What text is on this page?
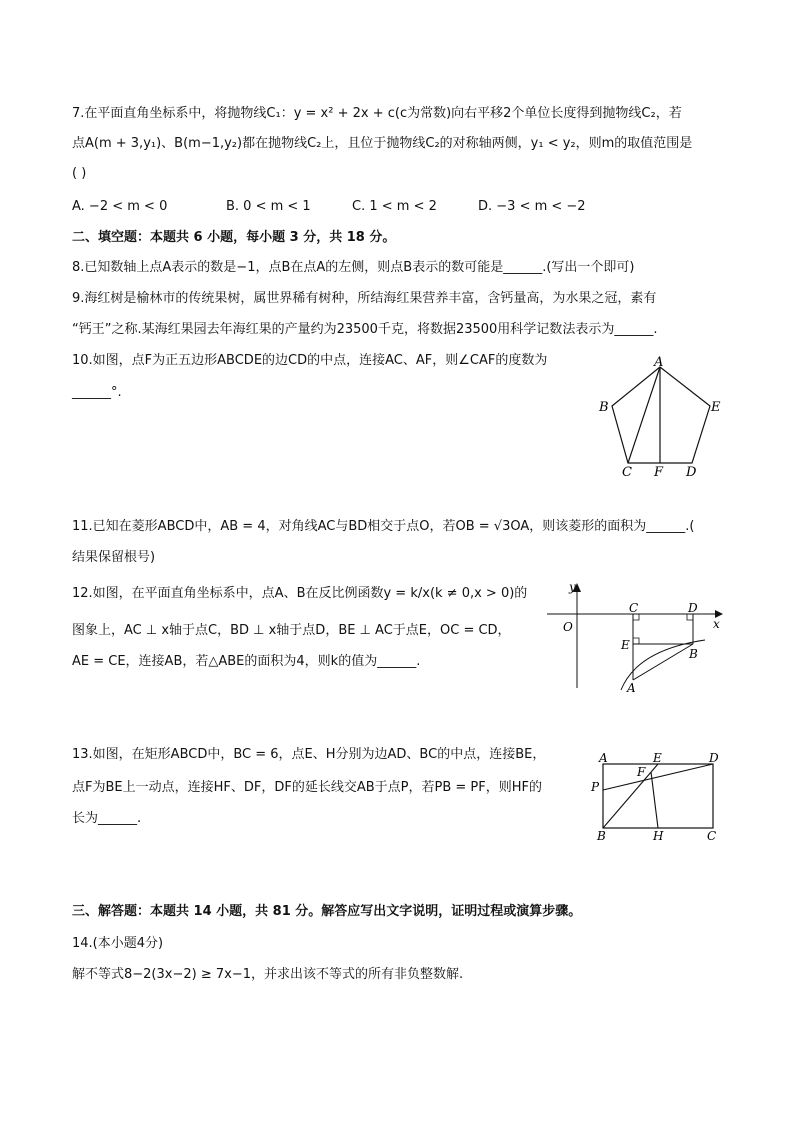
7.在平面直角坐标系中，将抛物线C₁：y = x² + 2x + c(c为常数)向右平移2个单位长度得到抛物线C₂，若
点A(m + 3,y₁)、B(m−1,y₂)都在抛物线C₂上，且位于抛物线C₂的对称轴两侧，y₁ < y₂，则m的取值范围是
( )
A. −2 < m < 0	B. 0 < m < 1	C. 1 < m < 2	D. −3 < m < −2
二、填空题：本题共 6 小题，每小题 3 分，共 18 分。
8.已知数轴上点A表示的数是−1，点B在点A的左侧，则点B表示的数可能是______.(写出一个即可)
9.海红树是榆林市的传统果树，属世界稀有树种，所结海红果营养丰富，含钙量高，为水果之冠，素有
“钙王”之称.某海红果园去年海红果的产量约为23500千克，将数据23500用科学记数法表示为______.
10.如图，点F为正五边形ABCDE的边CD的中点，连接AC、AF，则∠CAF的度数为
______°.
A
B	E
C F D
11.已知在菱形ABCD中，AB = 4，对角线AC与BD相交于点O，若OB = √3OA，则该菱形的面积为______.(
结果保留根号)
12.如图，在平面直角坐标系中，点A、B在反比例函数y = k/x(k ≠ 0,x > 0)的
图象上，AC ⊥ x轴于点C，BD ⊥ x轴于点D，BE ⊥ AC于点E，OC = CD，
AE = CE，连接AB，若△ABE的面积为4，则k的值为______.
y
x
O
C	D
E
B
A
13.如图，在矩形ABCD中，BC = 6，点E、H分别为边AD、BC的中点，连接BE，
点F为BE上一动点，连接HF、DF，DF的延长线交AB于点P，若PB = PF，则HF的
长为______.
A	E	D
F
P
B	H	C
三、解答题：本题共 14 小题，共 81 分。解答应写出文字说明，证明过程或演算步骤。
14.(本小题4分)
解不等式8−2(3x−2) ≥ 7x−1，并求出该不等式的所有非负整数解.
